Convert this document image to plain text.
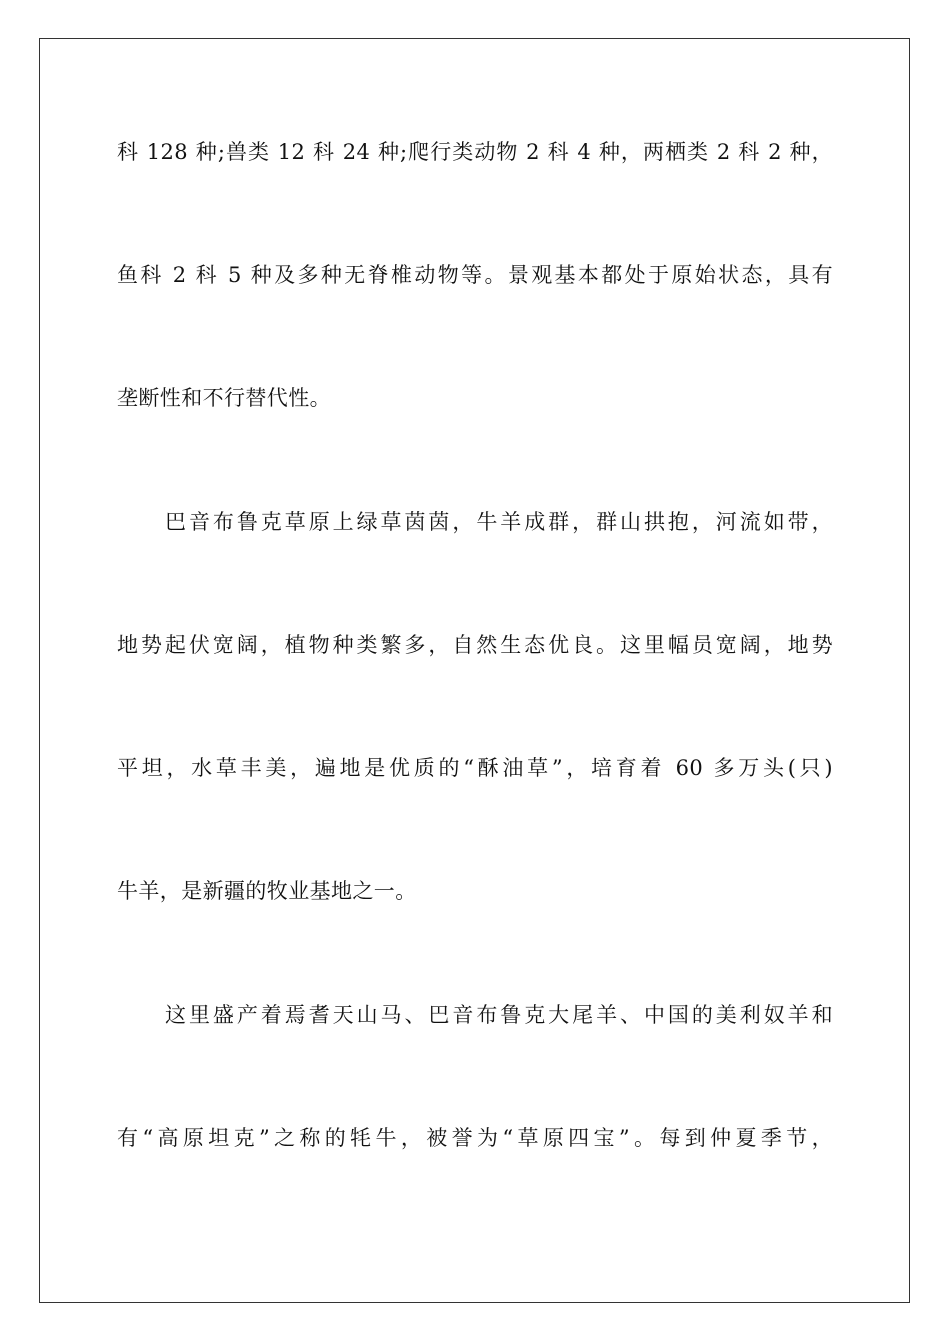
科 128 种;兽类 12 科 24 种;爬行类动物 2 科 4 种，两栖类 2 科 2 种，

鱼科 2 科 5 种及多种无脊椎动物等。景观基本都处于原始状态，具有

垄断性和不行替代性。

巴音布鲁克草原上绿草茵茵，牛羊成群，群山拱抱，河流如带，

地势起伏宽阔，植物种类繁多，自然生态优良。这里幅员宽阔，地势

平坦，水草丰美，遍地是优质的“酥油草”，培育着 60 多万头(只)

牛羊，是新疆的牧业基地之一。

这里盛产着焉耆天山马、巴音布鲁克大尾羊、中国的美利奴羊和

有“高原坦克”之称的牦牛，被誉为“草原四宝”。每到仲夏季节，
